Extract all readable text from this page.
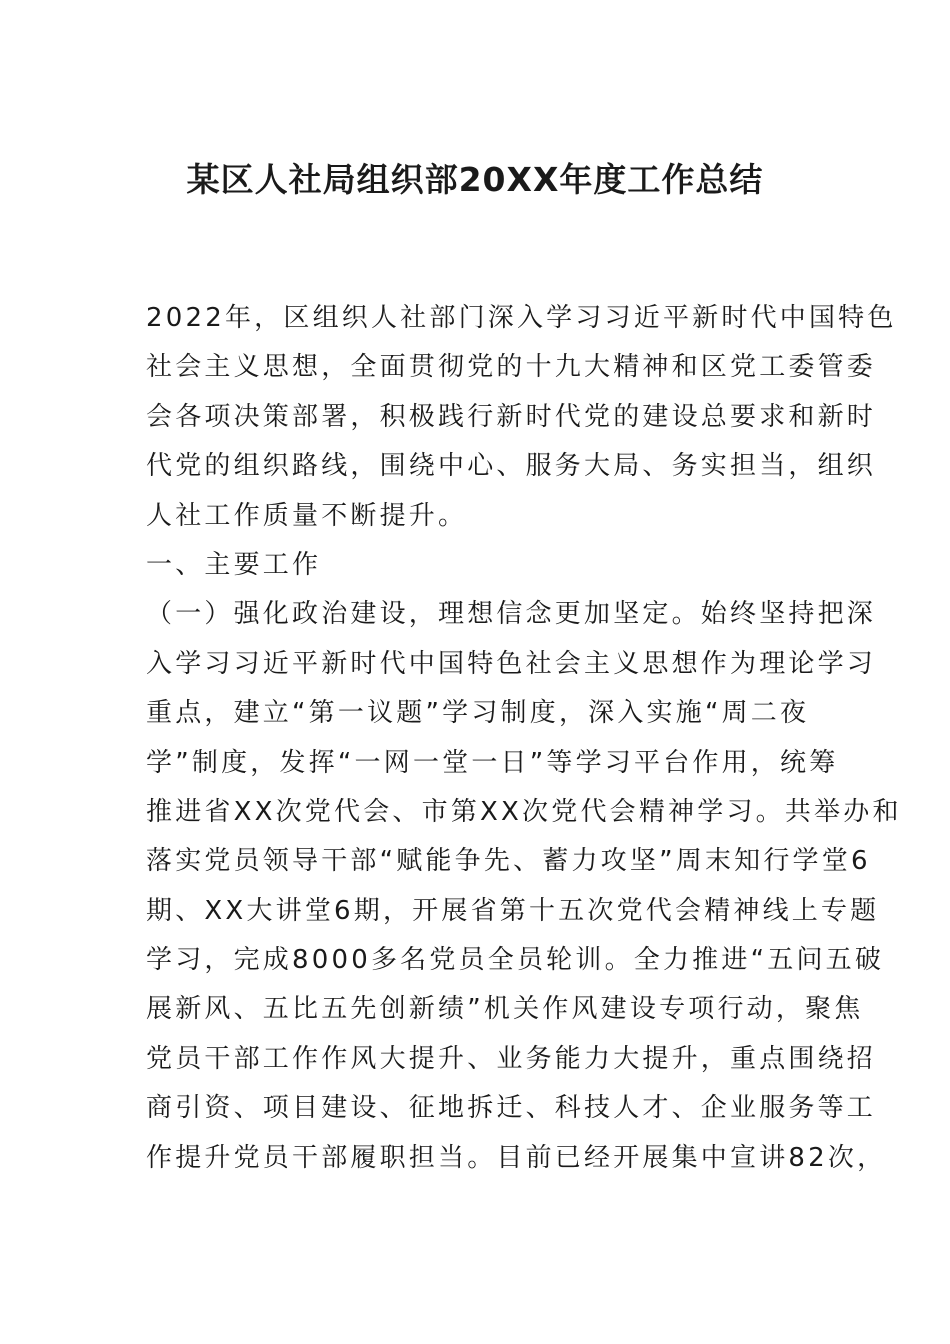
某区人社局组织部20XX年度工作总结
2022年，区组织人社部门深入学习习近平新时代中国特色
社会主义思想，全面贯彻党的十九大精神和区党工委管委
会各项决策部署，积极践行新时代党的建设总要求和新时
代党的组织路线，围绕中心、服务大局、务实担当，组织
人社工作质量不断提升。
一、主要工作
（一）强化政治建设，理想信念更加坚定。始终坚持把深
入学习习近平新时代中国特色社会主义思想作为理论学习
重点，建立“第一议题”学习制度，深入实施“周二夜
学”制度，发挥“一网一堂一日”等学习平台作用，统筹
推进省XX次党代会、市第XX次党代会精神学习。共举办和
落实党员领导干部“赋能争先、蓄力攻坚”周末知行学堂6
期、XX大讲堂6期，开展省第十五次党代会精神线上专题
学习，完成8000多名党员全员轮训。全力推进“五问五破
展新风、五比五先创新绩”机关作风建设专项行动，聚焦
党员干部工作作风大提升、业务能力大提升，重点围绕招
商引资、项目建设、征地拆迁、科技人才、企业服务等工
作提升党员干部履职担当。目前已经开展集中宣讲82次，
